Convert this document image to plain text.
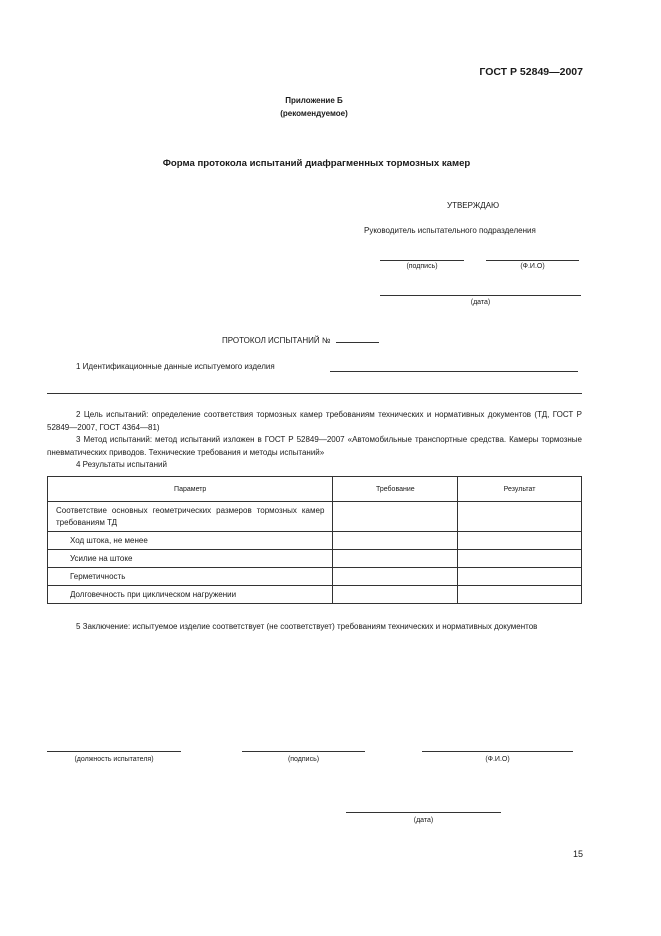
ГОСТ Р 52849—2007
Приложение Б
(рекомендуемое)
Форма протокола испытаний диафрагменных тормозных камер
УТВЕРЖДАЮ
Руководитель испытательного подразделения
(подпись)	(Ф.И.О)
(дата)
ПРОТОКОЛ ИСПЫТАНИЙ №
1 Идентификационные данные испытуемого изделия
2 Цель испытаний: определение соответствия тормозных камер требованиям технических и нормативных документов (ТД, ГОСТ Р 52849—2007, ГОСТ 4364—81)
3 Метод испытаний: метод испытаний изложен в ГОСТ Р 52849—2007 «Автомобильные транспортные средства. Камеры тормозные пневматических приводов. Технические требования и методы испытаний»
4 Результаты испытаний
Параметр	Требование	Результат
Соответствие основных геометрических размеров тормозных камер требованиям ТД		
Ход штока, не менее		
Усилие на штоке		
Герметичность		
Долговечность при циклическом нагружении		
5 Заключение: испытуемое изделие соответствует (не соответствует) требованиям технических и нормативных документов
(должность испытателя)	(подпись)	(Ф.И.О)
(дата)
15
